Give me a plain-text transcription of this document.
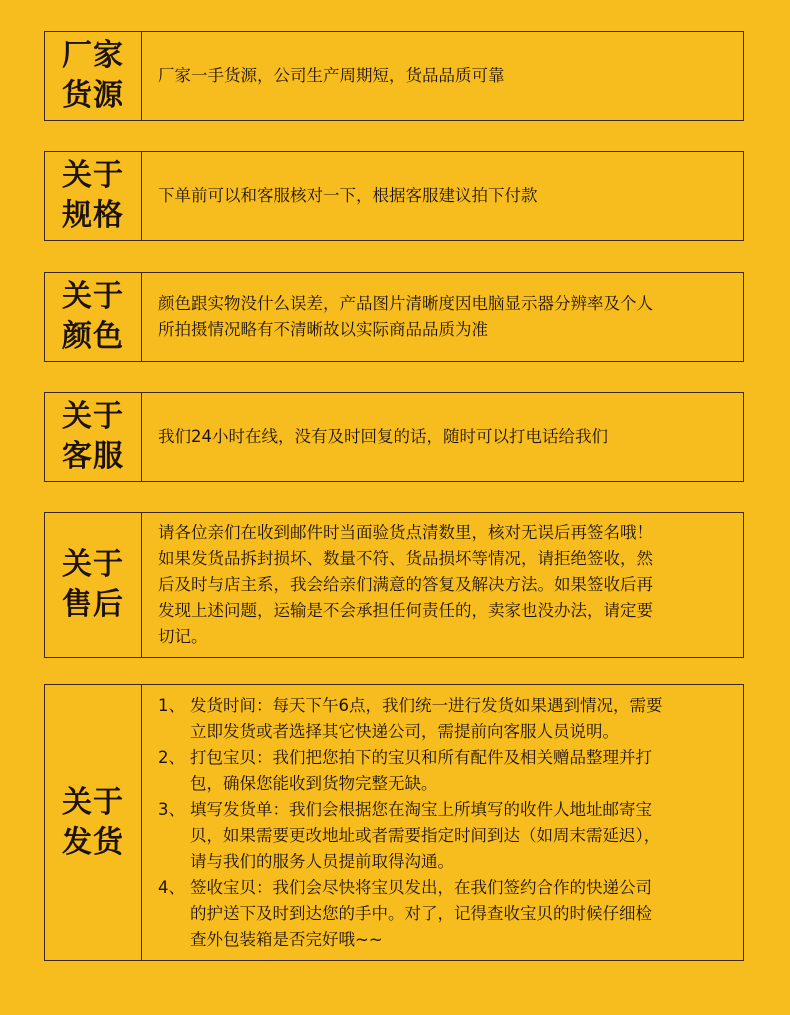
厂家
货源
厂家一手货源，公司生产周期短，货品品质可靠
关于
规格
下单前可以和客服核对一下，根据客服建议拍下付款
关于
颜色
颜色跟实物没什么误差，产品图片清晰度因电脑显示器分辨率及个人
所拍摄情况略有不清晰故以实际商品品质为准
关于
客服
我们24小时在线，没有及时回复的话，随时可以打电话给我们
关于
售后
请各位亲们在收到邮件时当面验货点清数里，核对无误后再签名哦！
如果发货品拆封损坏、数量不符、货品损坏等情况，请拒绝签收，然
后及时与店主系，我会给亲们满意的答复及解决方法。如果签收后再
发现上述问题，运输是不会承担任何责任的，卖家也没办法，请定要
切记。
关于
发货
1、 发货时间：每天下午6点，我们统一进行发货如果遇到情况，需要
立即发货或者选择其它快递公司，需提前向客服人员说明。
2、 打包宝贝：我们把您拍下的宝贝和所有配件及相关赠品整理并打
包，确保您能收到货物完整无缺。
3、 填写发货单：我们会根据您在淘宝上所填写的收件人地址邮寄宝
贝，如果需要更改地址或者需要指定时间到达（如周末需延迟），
请与我们的服务人员提前取得沟通。
4、 签收宝贝：我们会尽快将宝贝发出，在我们签约合作的快递公司
的护送下及时到达您的手中。对了，记得查收宝贝的时候仔细检
查外包装箱是否完好哦~~
